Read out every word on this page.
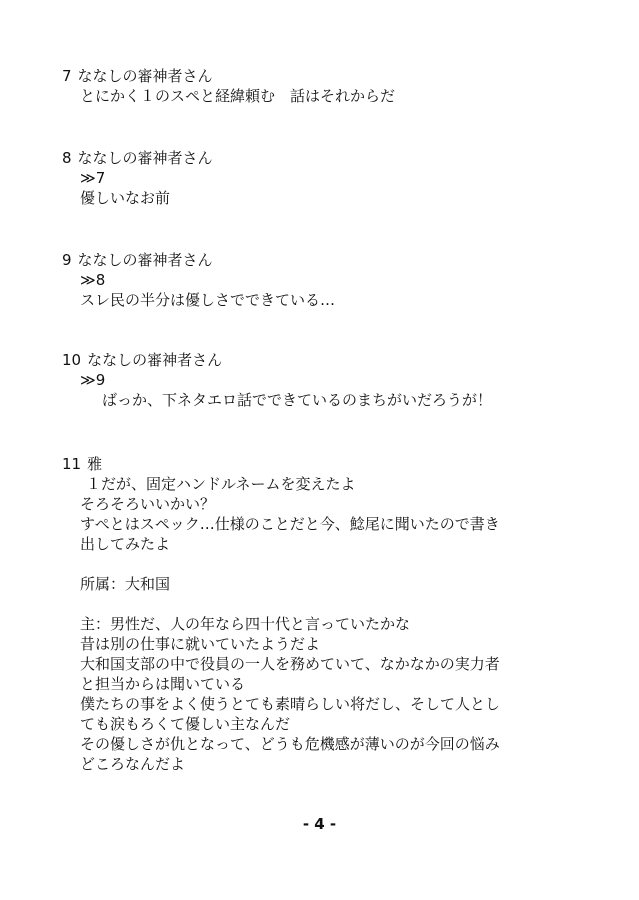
7 ななしの審神者さん
とにかく１のスペと経緯頼む　話はそれからだ
8 ななしの審神者さん
≫7
優しいなお前
9 ななしの審神者さん
≫8
スレ民の半分は優しさでできている…
10 ななしの審神者さん
≫9
ばっか、下ネタエロ話でできているのまちがいだろうが！
11 雅
１だが、固定ハンドルネームを変えたよ
そろそろいいかい？
すぺとはスペック…仕様のことだと今、鯰尾に聞いたので書き
出してみたよ
所属：大和国
主：男性だ、人の年なら四十代と言っていたかな
昔は別の仕事に就いていたようだよ
大和国支部の中で役員の一人を務めていて、なかなかの実力者
と担当からは聞いている
僕たちの事をよく使うとても素晴らしい将だし、そして人とし
ても涙もろくて優しい主なんだ
その優しさが仇となって、どうも危機感が薄いのが今回の悩み
どころなんだよ
- 4 -
